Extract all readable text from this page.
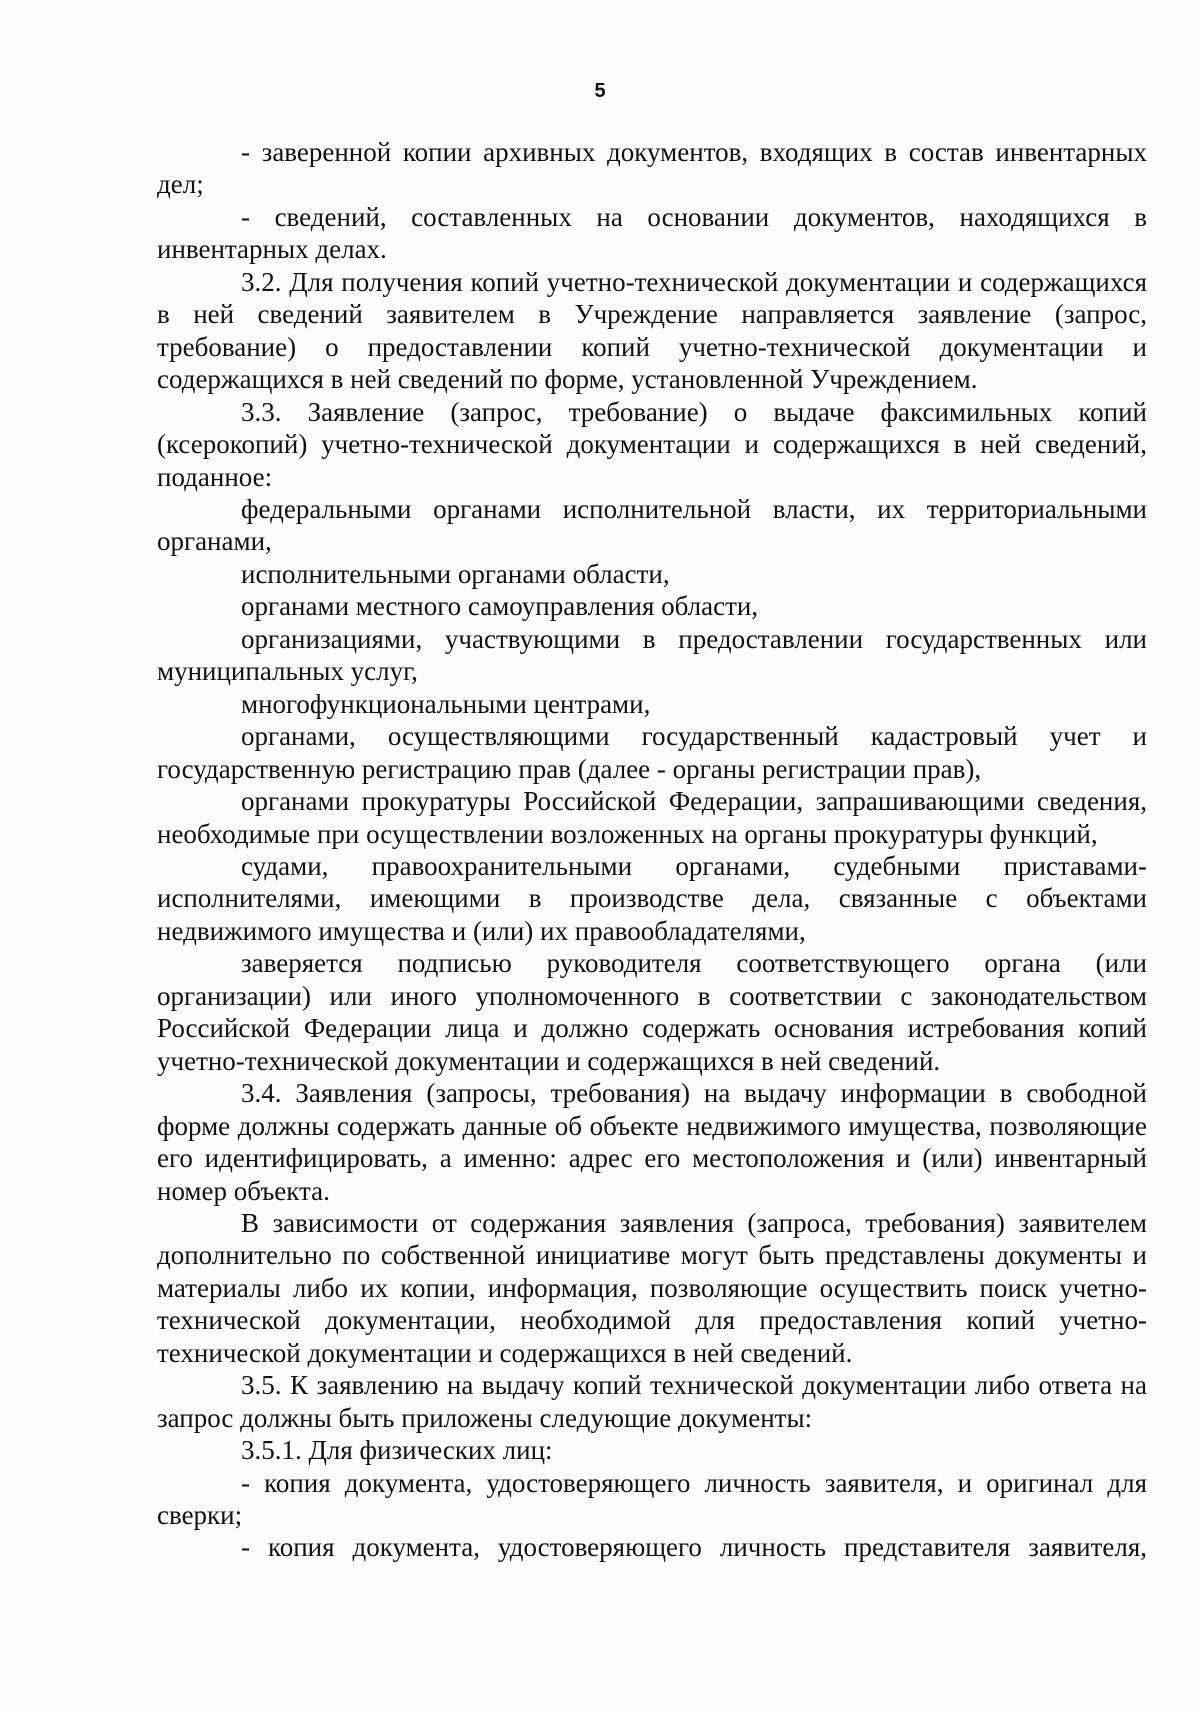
5

- заверенной копии архивных документов, входящих в состав инвентарных дел;

- сведений, составленных на основании документов, находящихся в инвентарных делах.

3.2. Для получения копий учетно-технической документации и содержащихся в ней сведений заявителем в Учреждение направляется заявление (запрос, требование) о предоставлении копий учетно-технической документации и содержащихся в ней сведений по форме, установленной Учреждением.

3.3. Заявление (запрос, требование) о выдаче факсимильных копий (ксерокопий) учетно-технической документации и содержащихся в ней сведений, поданное:

федеральными органами исполнительной власти, их территориальными органами,

исполнительными органами области,

органами местного самоуправления области,

организациями, участвующими в предоставлении государственных или муниципальных услуг,

многофункциональными центрами,

органами, осуществляющими государственный кадастровый учет и государственную регистрацию прав (далее - органы регистрации прав),

органами прокуратуры Российской Федерации, запрашивающими сведения, необходимые при осуществлении возложенных на органы прокуратуры функций,

судами, правоохранительными органами, судебными приставами-исполнителями, имеющими в производстве дела, связанные с объектами недвижимого имущества и (или) их правообладателями,

заверяется подписью руководителя соответствующего органа (или организации) или иного уполномоченного в соответствии с законодательством Российской Федерации лица и должно содержать основания истребования копий учетно-технической документации и содержащихся в ней сведений.

3.4. Заявления (запросы, требования) на выдачу информации в свободной форме должны содержать данные об объекте недвижимого имущества, позволяющие его идентифицировать, а именно: адрес его местоположения и (или) инвентарный номер объекта.

В зависимости от содержания заявления (запроса, требования) заявителем дополнительно по собственной инициативе могут быть представлены документы и материалы либо их копии, информация, позволяющие осуществить поиск учетно-технической документации, необходимой для предоставления копий учетно-технической документации и содержащихся в ней сведений.

3.5. К заявлению на выдачу копий технической документации либо ответа на запрос должны быть приложены следующие документы:

3.5.1. Для физических лиц:

- копия документа, удостоверяющего личность заявителя, и оригинал для сверки;

- копия документа, удостоверяющего личность представителя заявителя,
